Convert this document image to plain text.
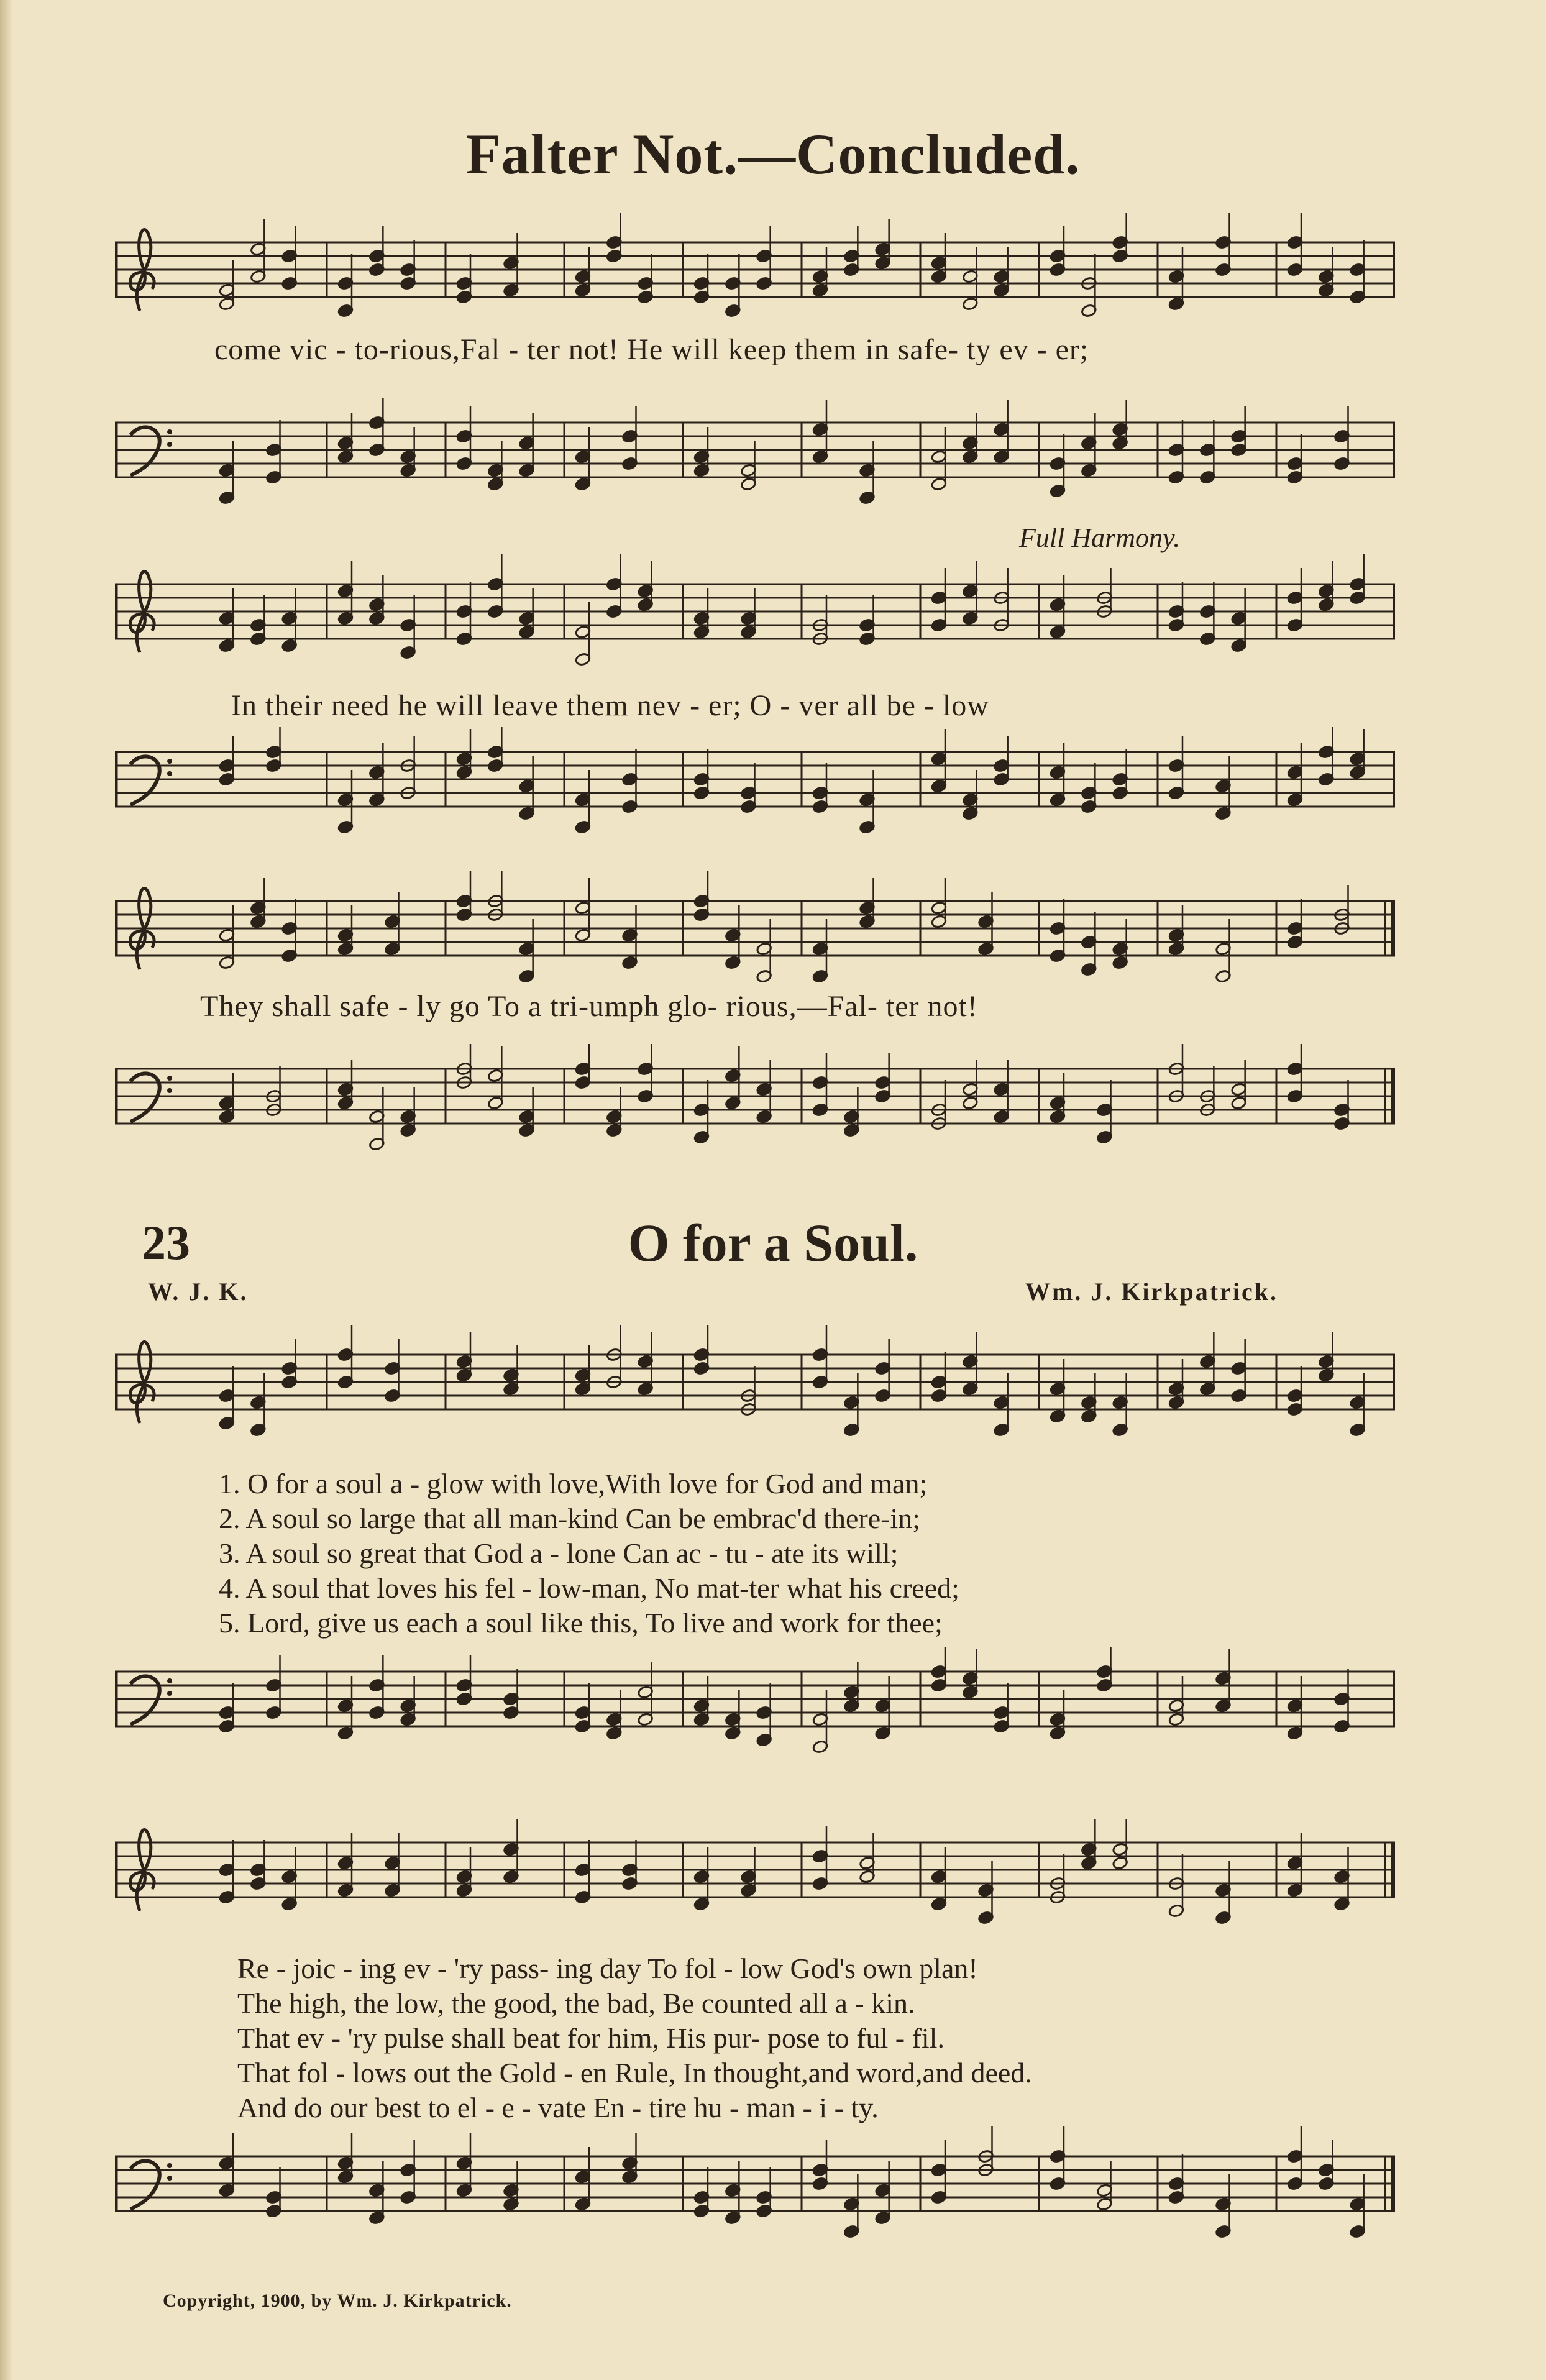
Falter Not.—Concluded.
come vic - to-rious,Fal - ter not! He will keep them in safe- ty ev - er;
Full Harmony.
In their need he will leave them nev - er; O - ver all be - low
They shall safe - ly go To a tri-umph glo- rious,—Fal- ter not!
23	O for a Soul.
W. J. K.	Wm. J. Kirkpatrick.
1. O for a soul a - glow with love,With love for God and man;
2. A soul so large that all man-kind Can be embrac'd there-in;
3. A soul so great that God a - lone Can ac - tu - ate its will;
4. A soul that loves his fel - low-man, No mat-ter what his creed;
5. Lord, give us each a soul like this, To live and work for thee;
Re - joic - ing ev - 'ry pass- ing day To fol - low God's own plan!
The high, the low, the good, the bad, Be counted all a - kin.
That ev - 'ry pulse shall beat for him, His pur- pose to ful - fil.
That fol - lows out the Gold - en Rule, In thought,and word,and deed.
And do our best to el - e - vate En - tire hu - man - i - ty.
Copyright, 1900, by Wm. J. Kirkpatrick.
